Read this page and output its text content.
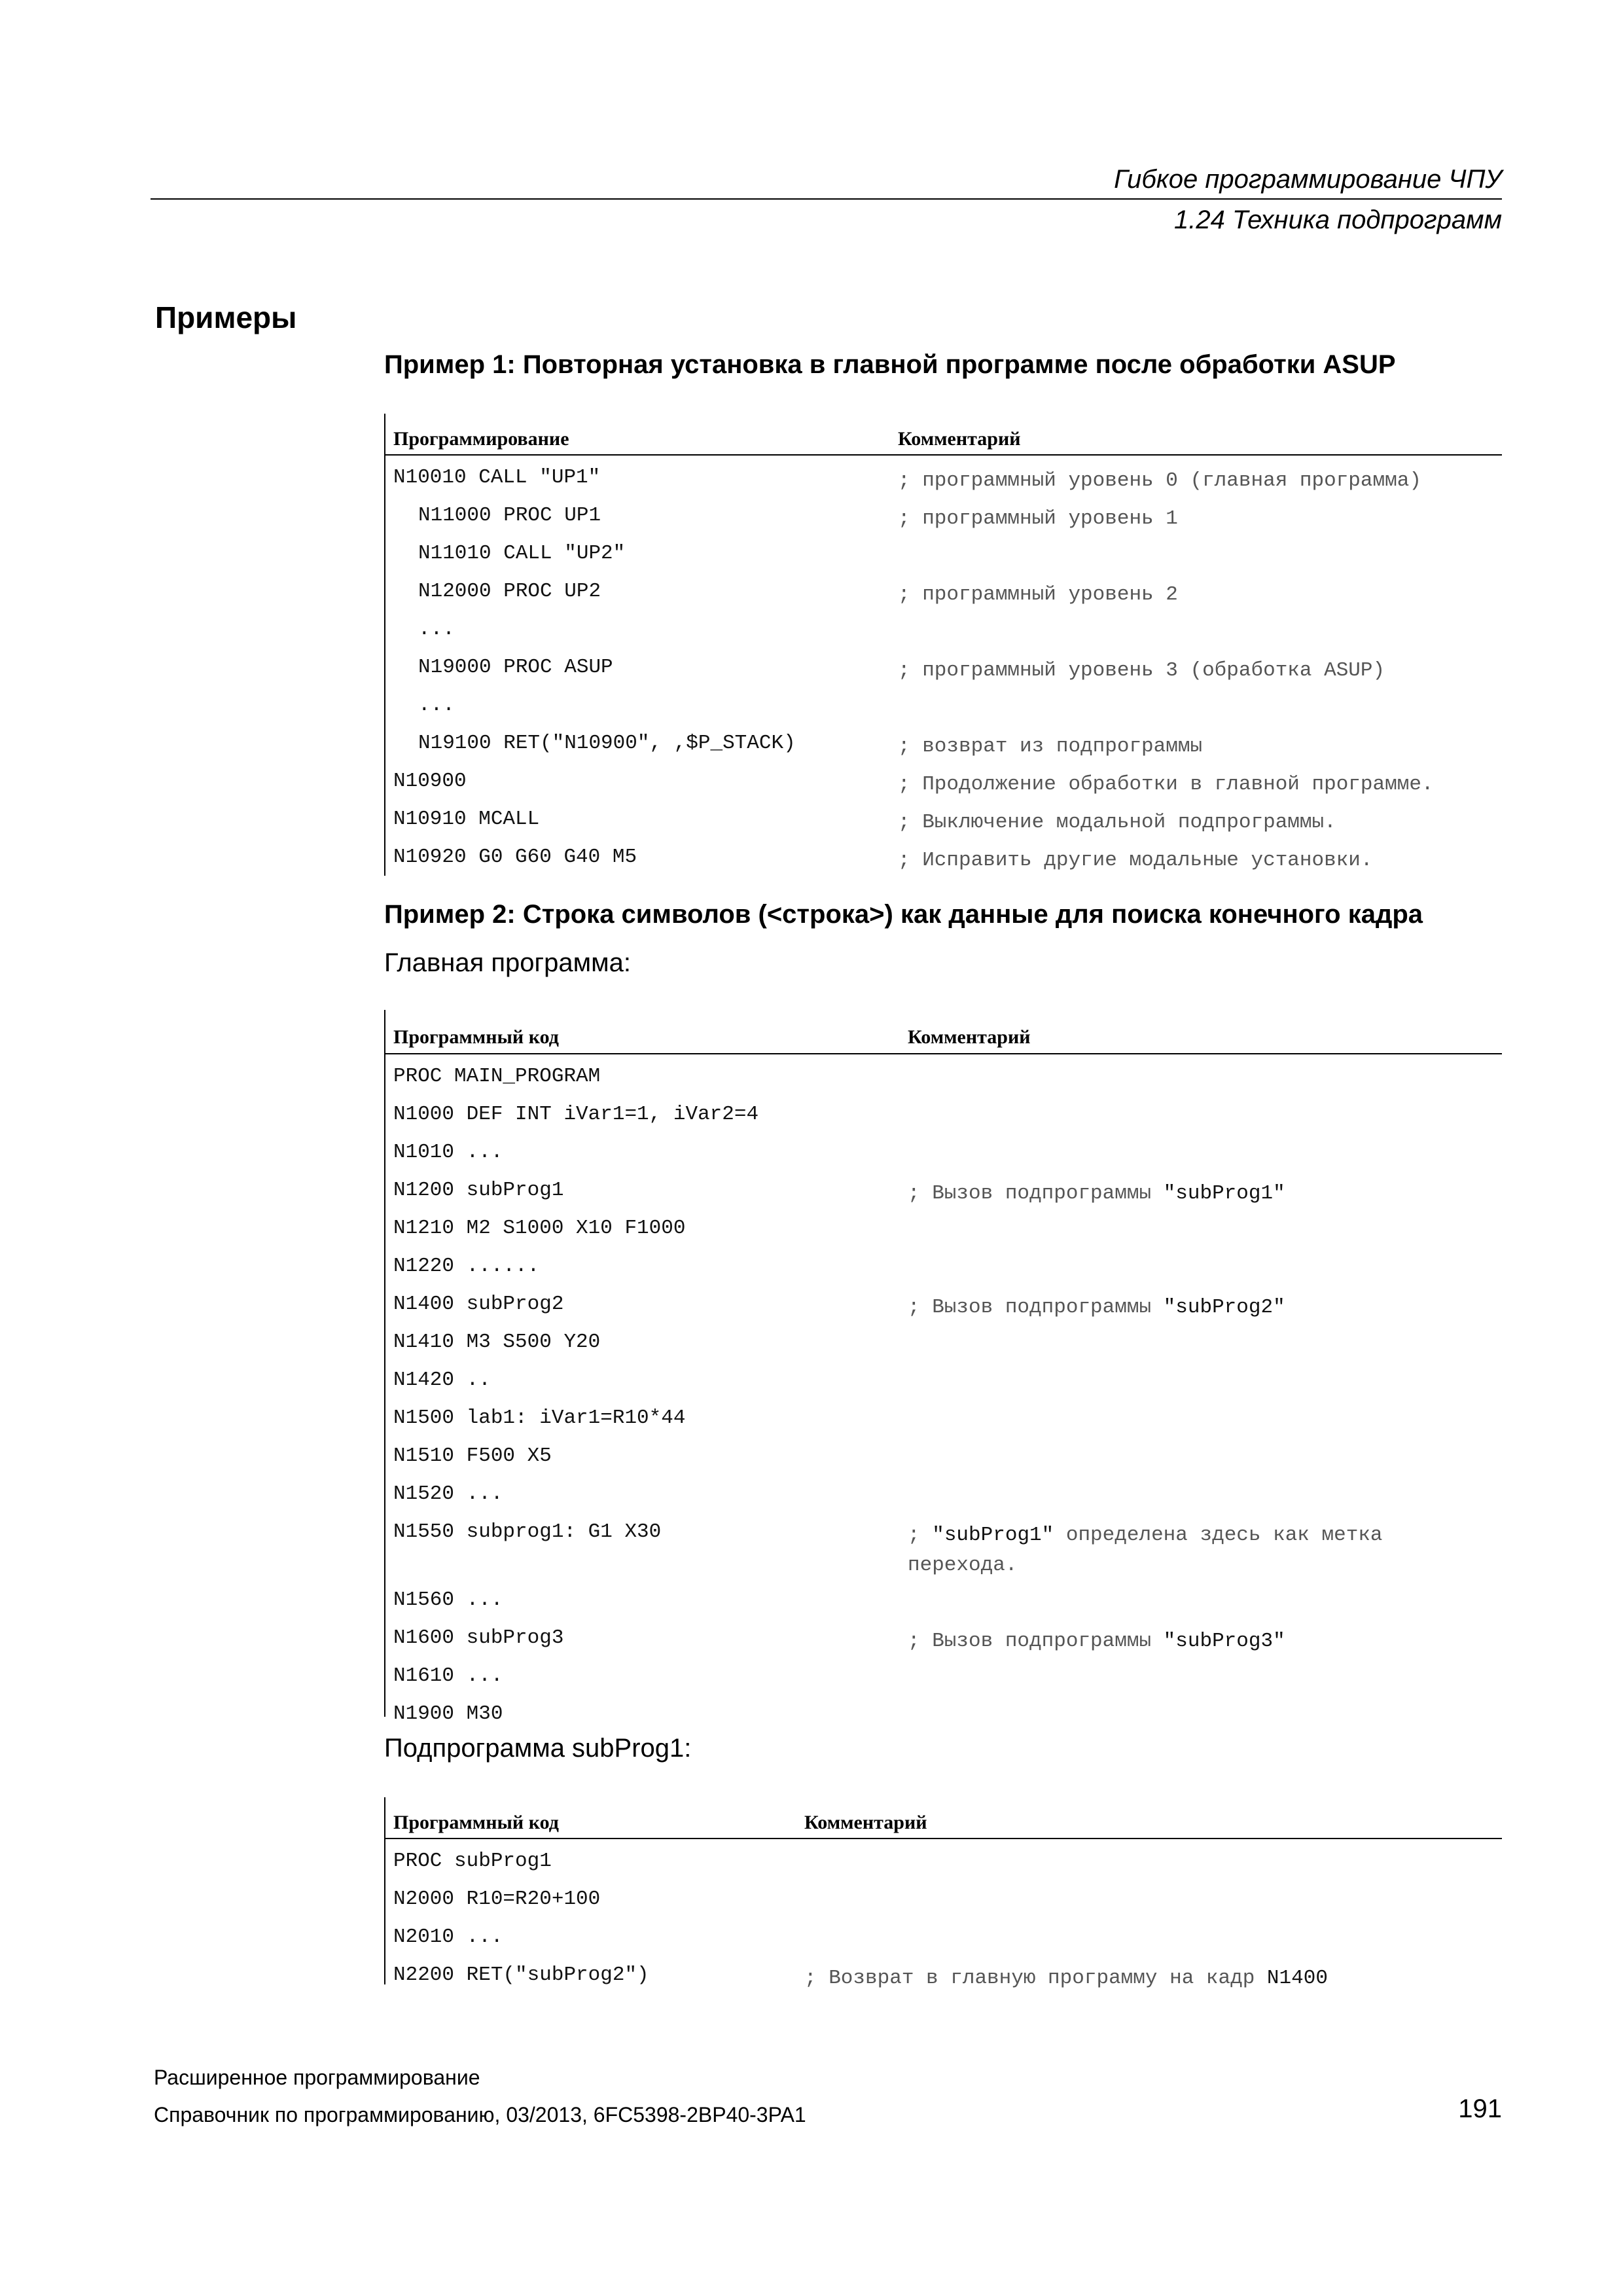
Гибкое программирование ЧПУ
1.24 Техника подпрограмм
Примеры
Пример 1: Повторная установка в главной программе после обработки ASUP
Программирование	Комментарий
N10010 CALL "UP1"	; программный уровень 0 (главная программа)
N11000 PROC UP1	; программный уровень 1
N11010 CALL "UP2"
N12000 PROC UP2	; программный уровень 2
...
N19000 PROC ASUP	; программный уровень 3 (обработка ASUP)
...
N19100 RET("N10900", ,$P_STACK)	; возврат из подпрограммы
N10900	; Продолжение обработки в главной программе.
N10910 MCALL	; Выключение модальной подпрограммы.
N10920 G0 G60 G40 M5	; Исправить другие модальные установки.
Пример 2: Строка символов (<строка>) как данные для поиска конечного кадра
Главная программа:
Программный код	Комментарий
PROC MAIN_PROGRAM
N1000 DEF INT iVar1=1, iVar2=4
N1010 ...
N1200 subProg1	; Вызов подпрограммы "subProg1"
N1210 M2 S1000 X10 F1000
N1220 ......
N1400 subProg2	; Вызов подпрограммы "subProg2"
N1410 M3 S500 Y20
N1420 ..
N1500 lab1: iVar1=R10*44
N1510 F500 X5
N1520 ...
N1550 subprog1: G1 X30	; "subProg1" определена здесь как метка
перехода.
N1560 ...
N1600 subProg3	; Вызов подпрограммы "subProg3"
N1610 ...
N1900 M30
Подпрограмма subProg1:
Программный код	Комментарий
PROC subProg1
N2000 R10=R20+100
N2010 ...
N2200 RET("subProg2")	; Возврат в главную программу на кадр N1400
Расширенное программирование
Справочник по программированию, 03/2013, 6FC5398-2BP40-3PA1	191
